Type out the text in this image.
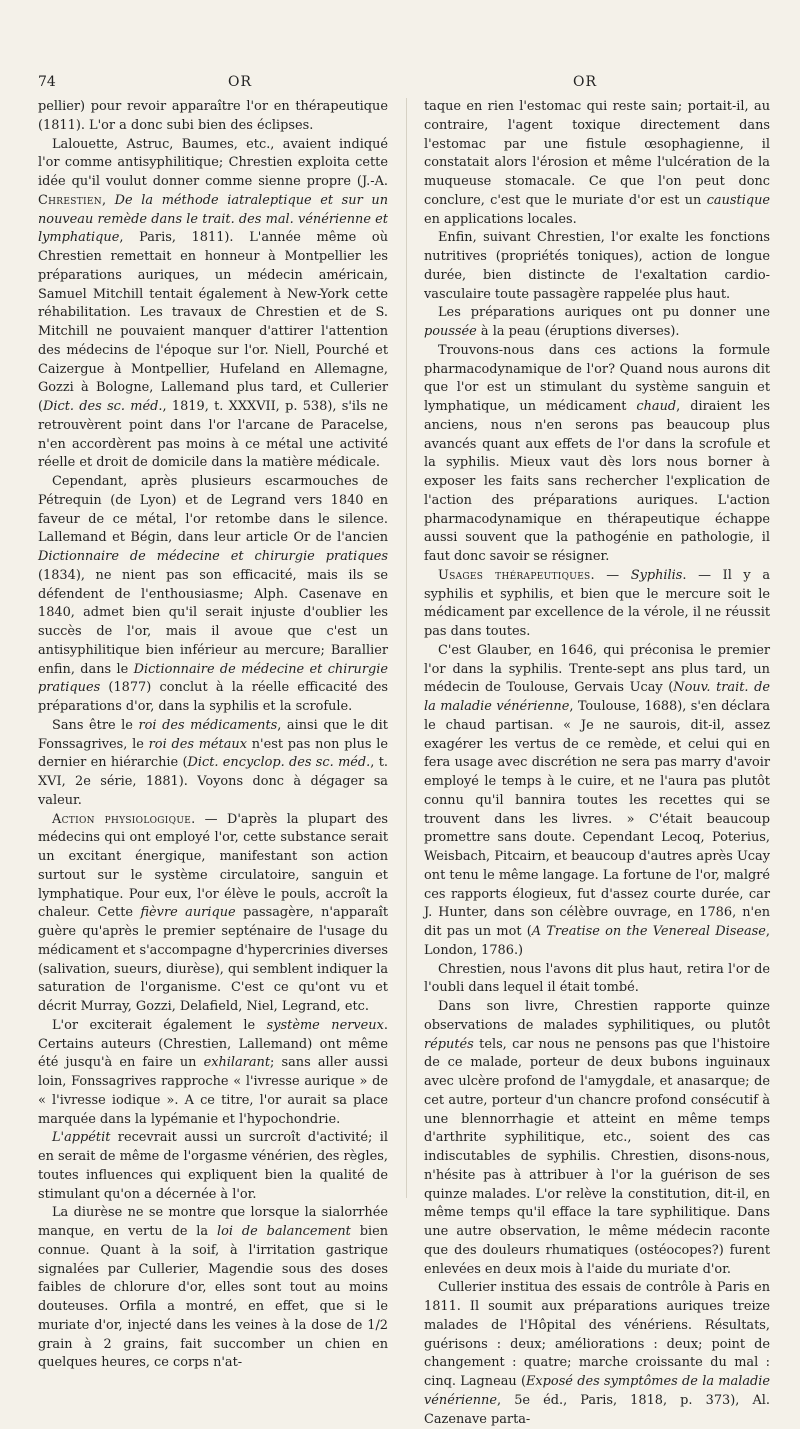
74	OR	OR

pellier) pour revoir apparaître l'or en thérapeutique (1811). L'or a donc subi bien des éclipses.

Lalouette, Astruc, Baumes, etc., avaient indiqué l'or comme antisyphilitique; Chrestien exploita cette idée qu'il voulut donner comme sienne propre (J.-A. Chrestien, De la méthode iatraleptique et sur un nouveau remède dans le trait. des mal. vénérienne et lymphatique, Paris, 1811). L'année même où Chrestien remettait en honneur à Montpellier les préparations auriques, un médecin américain, Samuel Mitchill tentait également à New-York cette réhabilitation. Les travaux de Chrestien et de S. Mitchill ne pouvaient manquer d'attirer l'attention des médecins de l'époque sur l'or. Niell, Pourché et Caizergue à Montpellier, Hufeland en Allemagne, Gozzi à Bologne, Lallemand plus tard, et Cullerier (Dict. des sc. méd., 1819, t. XXXVII, p. 538), s'ils ne retrouvèrent point dans l'or l'arcane de Paracelse, n'en accordèrent pas moins à ce métal une activité réelle et droit de domicile dans la matière médicale.

Cependant, après plusieurs escarmouches de Pétrequin (de Lyon) et de Legrand vers 1840 en faveur de ce métal, l'or retombe dans le silence. Lallemand et Bégin, dans leur article Or de l'ancien Dictionnaire de médecine et chirurgie pratiques (1834), ne nient pas son efficacité, mais ils se défendent de l'enthousiasme; Alph. Casenave en 1840, admet bien qu'il serait injuste d'oublier les succès de l'or, mais il avoue que c'est un antisyphilitique bien inférieur au mercure; Barallier enfin, dans le Dictionnaire de médecine et chirurgie pratiques (1877) conclut à la réelle efficacité des préparations d'or, dans la syphilis et la scrofule.

Sans être le roi des médicaments, ainsi que le dit Fonssagrives, le roi des métaux n'est pas non plus le dernier en hiérarchie (Dict. encyclop. des sc. méd., t. XVI, 2e série, 1881). Voyons donc à dégager sa valeur.

Action physiologique. — D'après la plupart des médecins qui ont employé l'or, cette substance serait un excitant énergique, manifestant son action surtout sur le système circulatoire, sanguin et lymphatique. Pour eux, l'or élève le pouls, accroît la chaleur. Cette fièvre aurique passagère, n'apparaît guère qu'après le premier septénaire de l'usage du médicament et s'accompagne d'hypercrinies diverses (salivation, sueurs, diurèse), qui semblent indiquer la saturation de l'organisme. C'est ce qu'ont vu et décrit Murray, Gozzi, Delafield, Niel, Legrand, etc.

L'or exciterait également le système nerveux. Certains auteurs (Chrestien, Lallemand) ont même été jusqu'à en faire un exhilarant; sans aller aussi loin, Fonssagrives rapproche « l'ivresse aurique » de « l'ivresse iodique ». A ce titre, l'or aurait sa place marquée dans la lypémanie et l'hypochondrie.

L'appétit recevrait aussi un surcroît d'activité; il en serait de même de l'orgasme vénérien, des règles, toutes influences qui expliquent bien la qualité de stimulant qu'on a décernée à l'or.

La diurèse ne se montre que lorsque la sialorrhée manque, en vertu de la loi de balancement bien connue. Quant à la soif, à l'irritation gastrique signalées par Cullerier, Magendie sous des doses faibles de chlorure d'or, elles sont tout au moins douteuses. Orfila a montré, en effet, que si le muriate d'or, injecté dans les veines à la dose de 1/2 grain à 2 grains, fait succomber un chien en quelques heures, ce corps n'at-

taque en rien l'estomac qui reste sain; portait-il, au contraire, l'agent toxique directement dans l'estomac par une fistule œsophagienne, il constatait alors l'érosion et même l'ulcération de la muqueuse stomacale. Ce que l'on peut donc conclure, c'est que le muriate d'or est un caustique en applications locales.

Enfin, suivant Chrestien, l'or exalte les fonctions nutritives (propriétés toniques), action de longue durée, bien distincte de l'exaltation cardio-vasculaire toute passagère rappelée plus haut.

Les préparations auriques ont pu donner une poussée à la peau (éruptions diverses).

Trouvons-nous dans ces actions la formule pharmacodynamique de l'or? Quand nous aurons dit que l'or est un stimulant du système sanguin et lymphatique, un médicament chaud, diraient les anciens, nous n'en serons pas beaucoup plus avancés quant aux effets de l'or dans la scrofule et la syphilis. Mieux vaut dès lors nous borner à exposer les faits sans rechercher l'explication de l'action des préparations auriques. L'action pharmacodynamique en thérapeutique échappe aussi souvent que la pathogénie en pathologie, il faut donc savoir se résigner.

Usages thérapeutiques. — Syphilis. — Il y a syphilis et syphilis, et bien que le mercure soit le médicament par excellence de la vérole, il ne réussit pas dans toutes.

C'est Glauber, en 1646, qui préconisa le premier l'or dans la syphilis. Trente-sept ans plus tard, un médecin de Toulouse, Gervais Ucay (Nouv. trait. de la maladie vénérienne, Toulouse, 1688), s'en déclara le chaud partisan. « Je ne saurois, dit-il, assez exagérer les vertus de ce remède, et celui qui en fera usage avec discrétion ne sera pas marry d'avoir employé le temps à le cuire, et ne l'aura pas plutôt connu qu'il bannira toutes les recettes qui se trouvent dans les livres. » C'était beaucoup promettre sans doute. Cependant Lecoq, Poterius, Weisbach, Pitcairn, et beaucoup d'autres après Ucay ont tenu le même langage. La fortune de l'or, malgré ces rapports élogieux, fut d'assez courte durée, car J. Hunter, dans son célèbre ouvrage, en 1786, n'en dit pas un mot (A Treatise on the Venereal Disease, London, 1786.)

Chrestien, nous l'avons dit plus haut, retira l'or de l'oubli dans lequel il était tombé.

Dans son livre, Chrestien rapporte quinze observations de malades syphilitiques, ou plutôt réputés tels, car nous ne pensons pas que l'histoire de ce malade, porteur de deux bubons inguinaux avec ulcère profond de l'amygdale, et anasarque; de cet autre, porteur d'un chancre profond consécutif à une blennorrhagie et atteint en même temps d'arthrite syphilitique, etc., soient des cas indiscutables de syphilis. Chrestien, disons-nous, n'hésite pas à attribuer à l'or la guérison de ses quinze malades. L'or relève la constitution, dit-il, en même temps qu'il efface la tare syphilitique. Dans une autre observation, le même médecin raconte que des douleurs rhumatiques (ostéocopes?) furent enlevées en deux mois à l'aide du muriate d'or.

Cullerier institua des essais de contrôle à Paris en 1811. Il soumit aux préparations auriques treize malades de l'Hôpital des vénériens. Résultats, guérisons : deux; améliorations : deux; point de changement : quatre; marche croissante du mal : cinq. Lagneau (Exposé des symptômes de la maladie vénérienne, 5e éd., Paris, 1818, p. 373), Al. Cazenave parta-
